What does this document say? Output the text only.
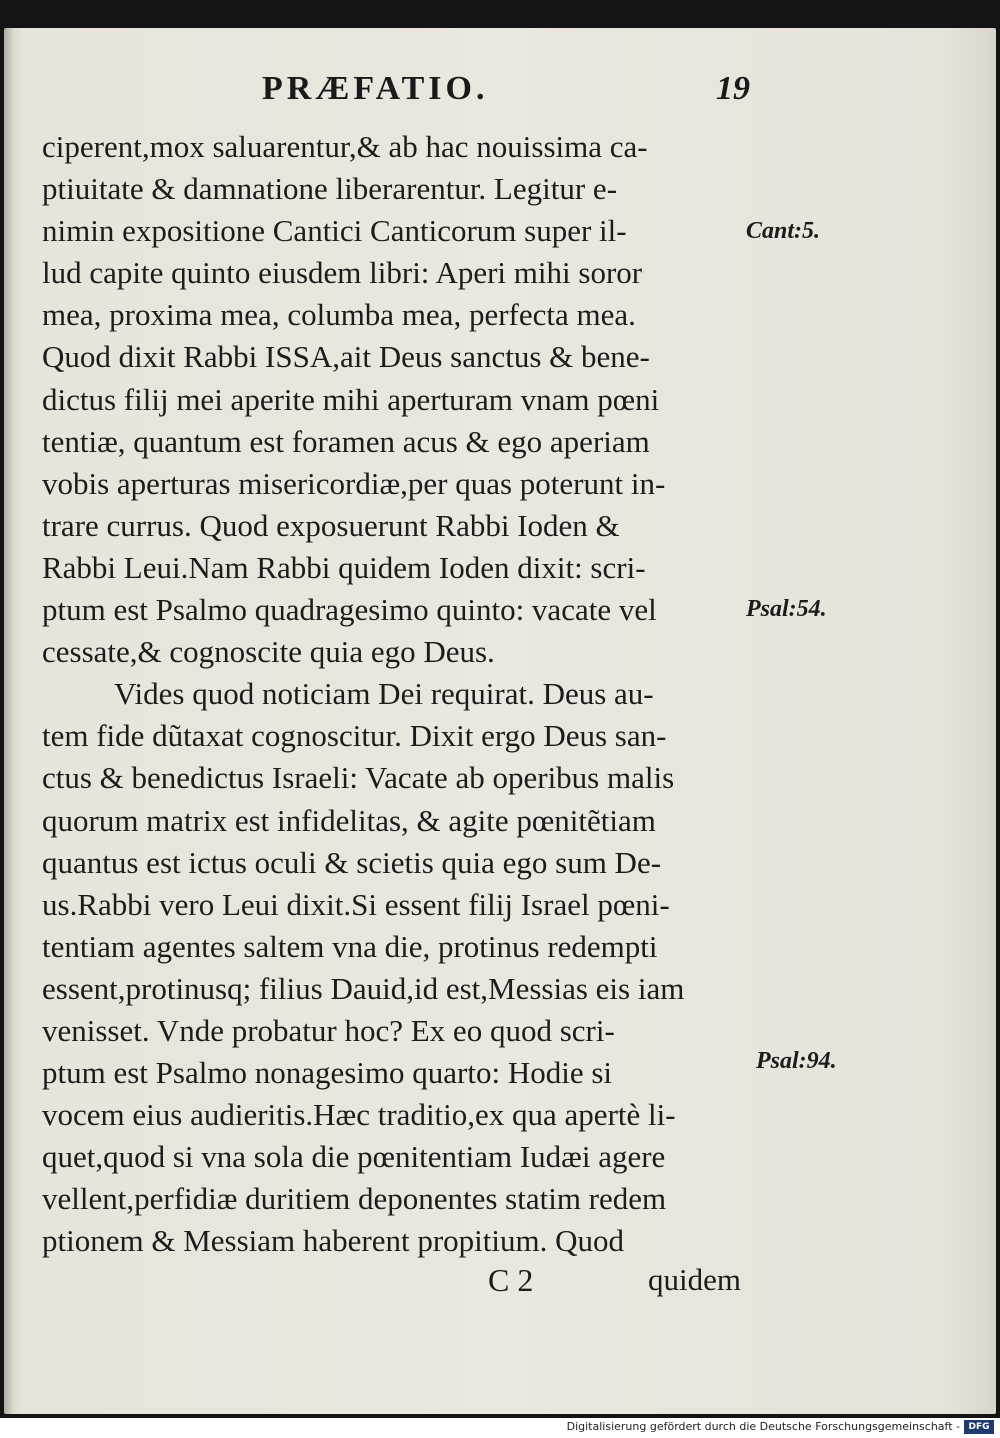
PRÆFATIO.	19
ciperent,mox saluarentur,& ab hac nouissima ca-
ptiuitate & damnatione liberarentur. Legitur e-
nimin expositione Cantici Canticorum super il-
lud capite quinto eiusdem libri: Aperi mihi soror
mea, proxima mea, columba mea, perfecta mea.
Quod dixit Rabbi ISSA,ait Deus sanctus & bene-
dictus filij mei aperite mihi aperturam vnam pœni
tentiæ, quantum est foramen acus & ego aperiam
vobis aperturas misericordiæ,per quas poterunt in-
trare currus. Quod exposuerunt Rabbi Ioden &
Rabbi Leui.Nam Rabbi quidem Ioden dixit: scri-
ptum est Psalmo quadragesimo quinto: vacate vel
cessate,& cognoscite quia ego Deus.
Vides quod noticiam Dei requirat. Deus au-
tem fide dũtaxat cognoscitur. Dixit ergo Deus san-
ctus & benedictus Israeli: Vacate ab operibus malis
quorum matrix est infidelitas, & agite pœnitẽtiam
quantus est ictus oculi & scietis quia ego sum De-
us.Rabbi vero Leui dixit.Si essent filij Israel pœni-
tentiam agentes saltem vna die, protinus redempti
essent,protinusq; filius Dauid,id est,Messias eis iam
venisset. Vnde probatur hoc? Ex eo quod scri-
ptum est Psalmo nonagesimo quarto: Hodie si
vocem eius audieritis.Hæc traditio,ex qua apertè li-
quet,quod si vna sola die pœnitentiam Iudæi agere
vellent,perfidiæ duritiem deponentes statim redem
ptionem & Messiam haberent propitium. Quod
Cant:5.
Psal:54.
Psal:94.
C 2	quidem
Digitalisierung gefördert durch die Deutsche Forschungsgemeinschaft - DFG
